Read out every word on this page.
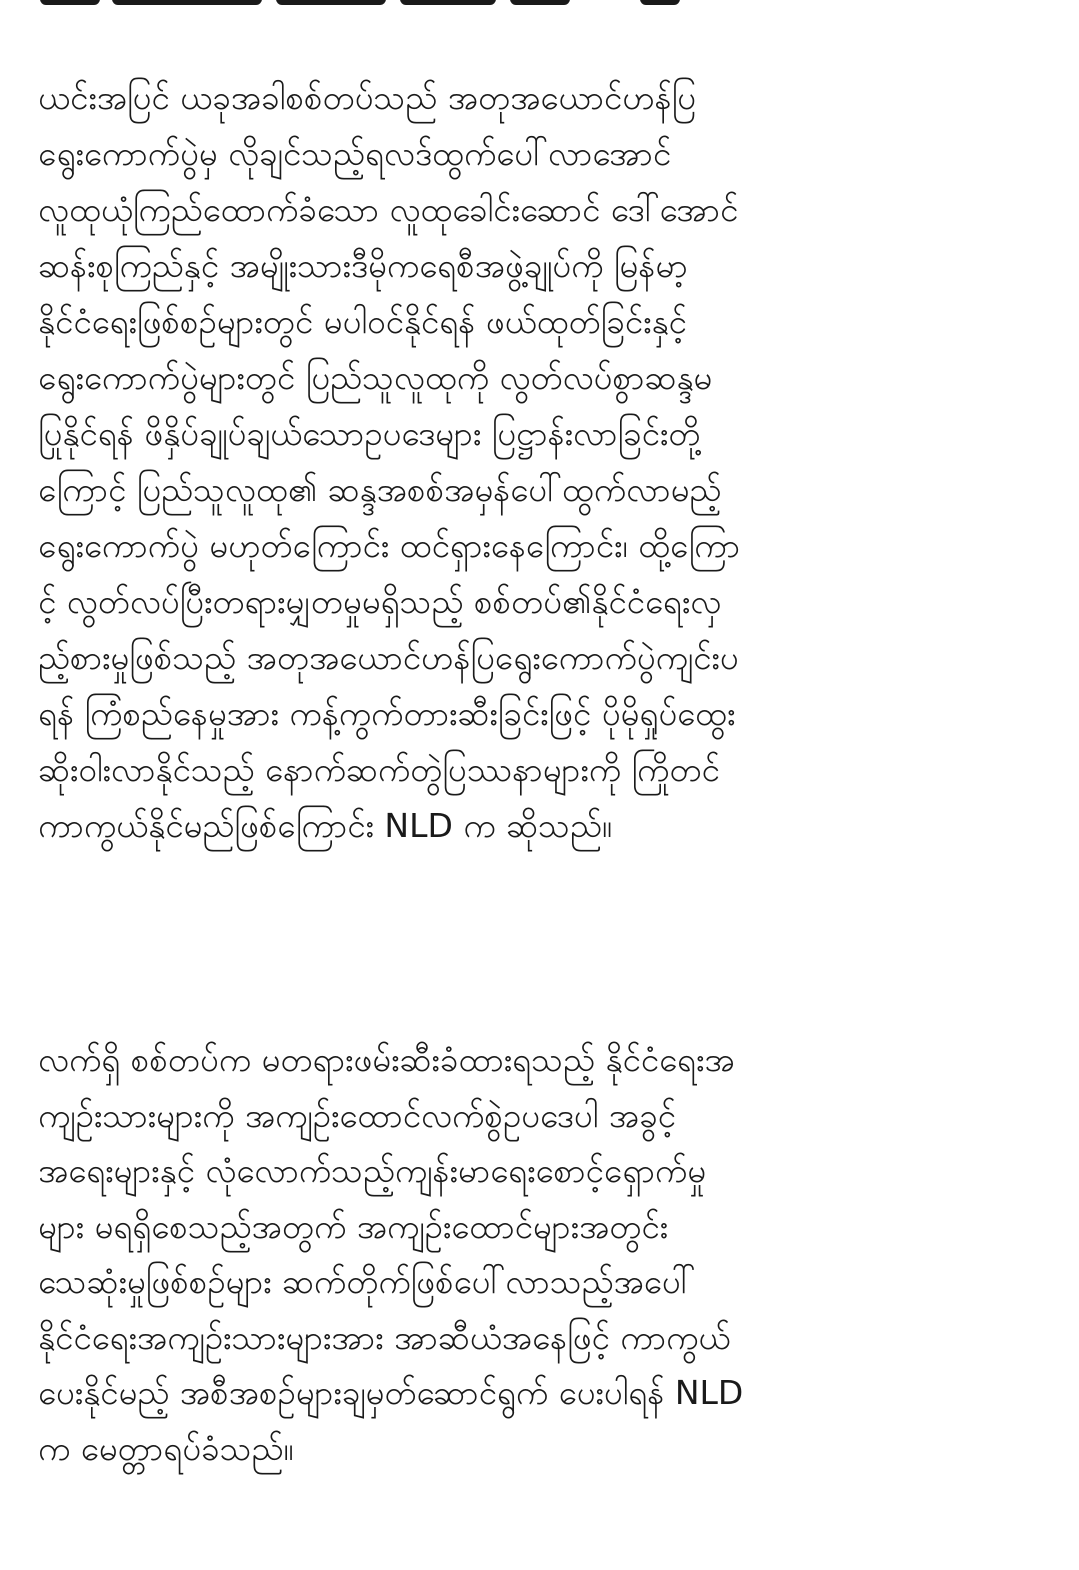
ယင်းအပြင် ယခုအခါစစ်တပ်သည် အတုအယောင်ဟန်ပြ
ရွေးကောက်ပွဲမှ လိုချင်သည့်ရလဒ်ထွက်ပေါ်လာအောင်
လူထုယုံကြည်ထောက်ခံသော လူထုခေါင်းဆောင် ဒေါ်အောင်
ဆန်းစုကြည်နှင့် အမျိုးသားဒီမိုကရေစီအဖွဲ့ချုပ်ကို မြန်မာ့
နိုင်ငံရေးဖြစ်စဉ်များတွင် မပါဝင်နိုင်ရန် ဖယ်ထုတ်ခြင်းနှင့်
ရွေးကောက်ပွဲများတွင် ပြည်သူလူထုကို လွတ်လပ်စွာဆန္ဒမ
ပြုနိုင်ရန် ဖိနှိပ်ချုပ်ချယ်သောဥပဒေများ ပြဋ္ဌာန်းလာခြင်းတို့
ကြောင့် ပြည်သူလူထု၏ ဆန္ဒအစစ်အမှန်ပေါ်ထွက်လာမည့်
ရွေးကောက်ပွဲ မဟုတ်ကြောင်း ထင်ရှားနေကြောင်း၊ ထို့ကြော
င့် လွတ်လပ်ပြီးတရားမျှတမှုမရှိသည့် စစ်တပ်၏နိုင်ငံရေးလှ
ည့်စားမှုဖြစ်သည့် အတုအယောင်ဟန်ပြရွေးကောက်ပွဲကျင်းပ
ရန် ကြံစည်နေမှုအား ကန့်ကွက်တားဆီးခြင်းဖြင့် ပိုမိုရှုပ်ထွေး
ဆိုးဝါးလာနိုင်သည့် နောက်ဆက်တွဲပြဿနာများကို ကြိုတင်
ကာကွယ်နိုင်မည်ဖြစ်ကြောင်း NLD က ဆိုသည်။
လက်ရှိ စစ်တပ်က မတရားဖမ်းဆီးခံထားရသည့် နိုင်ငံရေးအ
ကျဉ်းသားများကို အကျဉ်းထောင်လက်စွဲဥပဒေပါ အခွင့်
အရေးများနှင့် လုံလောက်သည့်ကျန်းမာရေးစောင့်ရှောက်မှု
များ မရရှိစေသည့်အတွက် အကျဉ်းထောင်များအတွင်း
သေဆုံးမှုဖြစ်စဉ်များ ဆက်တိုက်ဖြစ်ပေါ်လာသည့်အပေါ်
နိုင်ငံရေးအကျဉ်းသားများအား အာဆီယံအနေဖြင့် ကာကွယ်
ပေးနိုင်မည့် အစီအစဉ်များချမှတ်ဆောင်ရွက် ပေးပါရန် NLD
က မေတ္တာရပ်ခံသည်။
